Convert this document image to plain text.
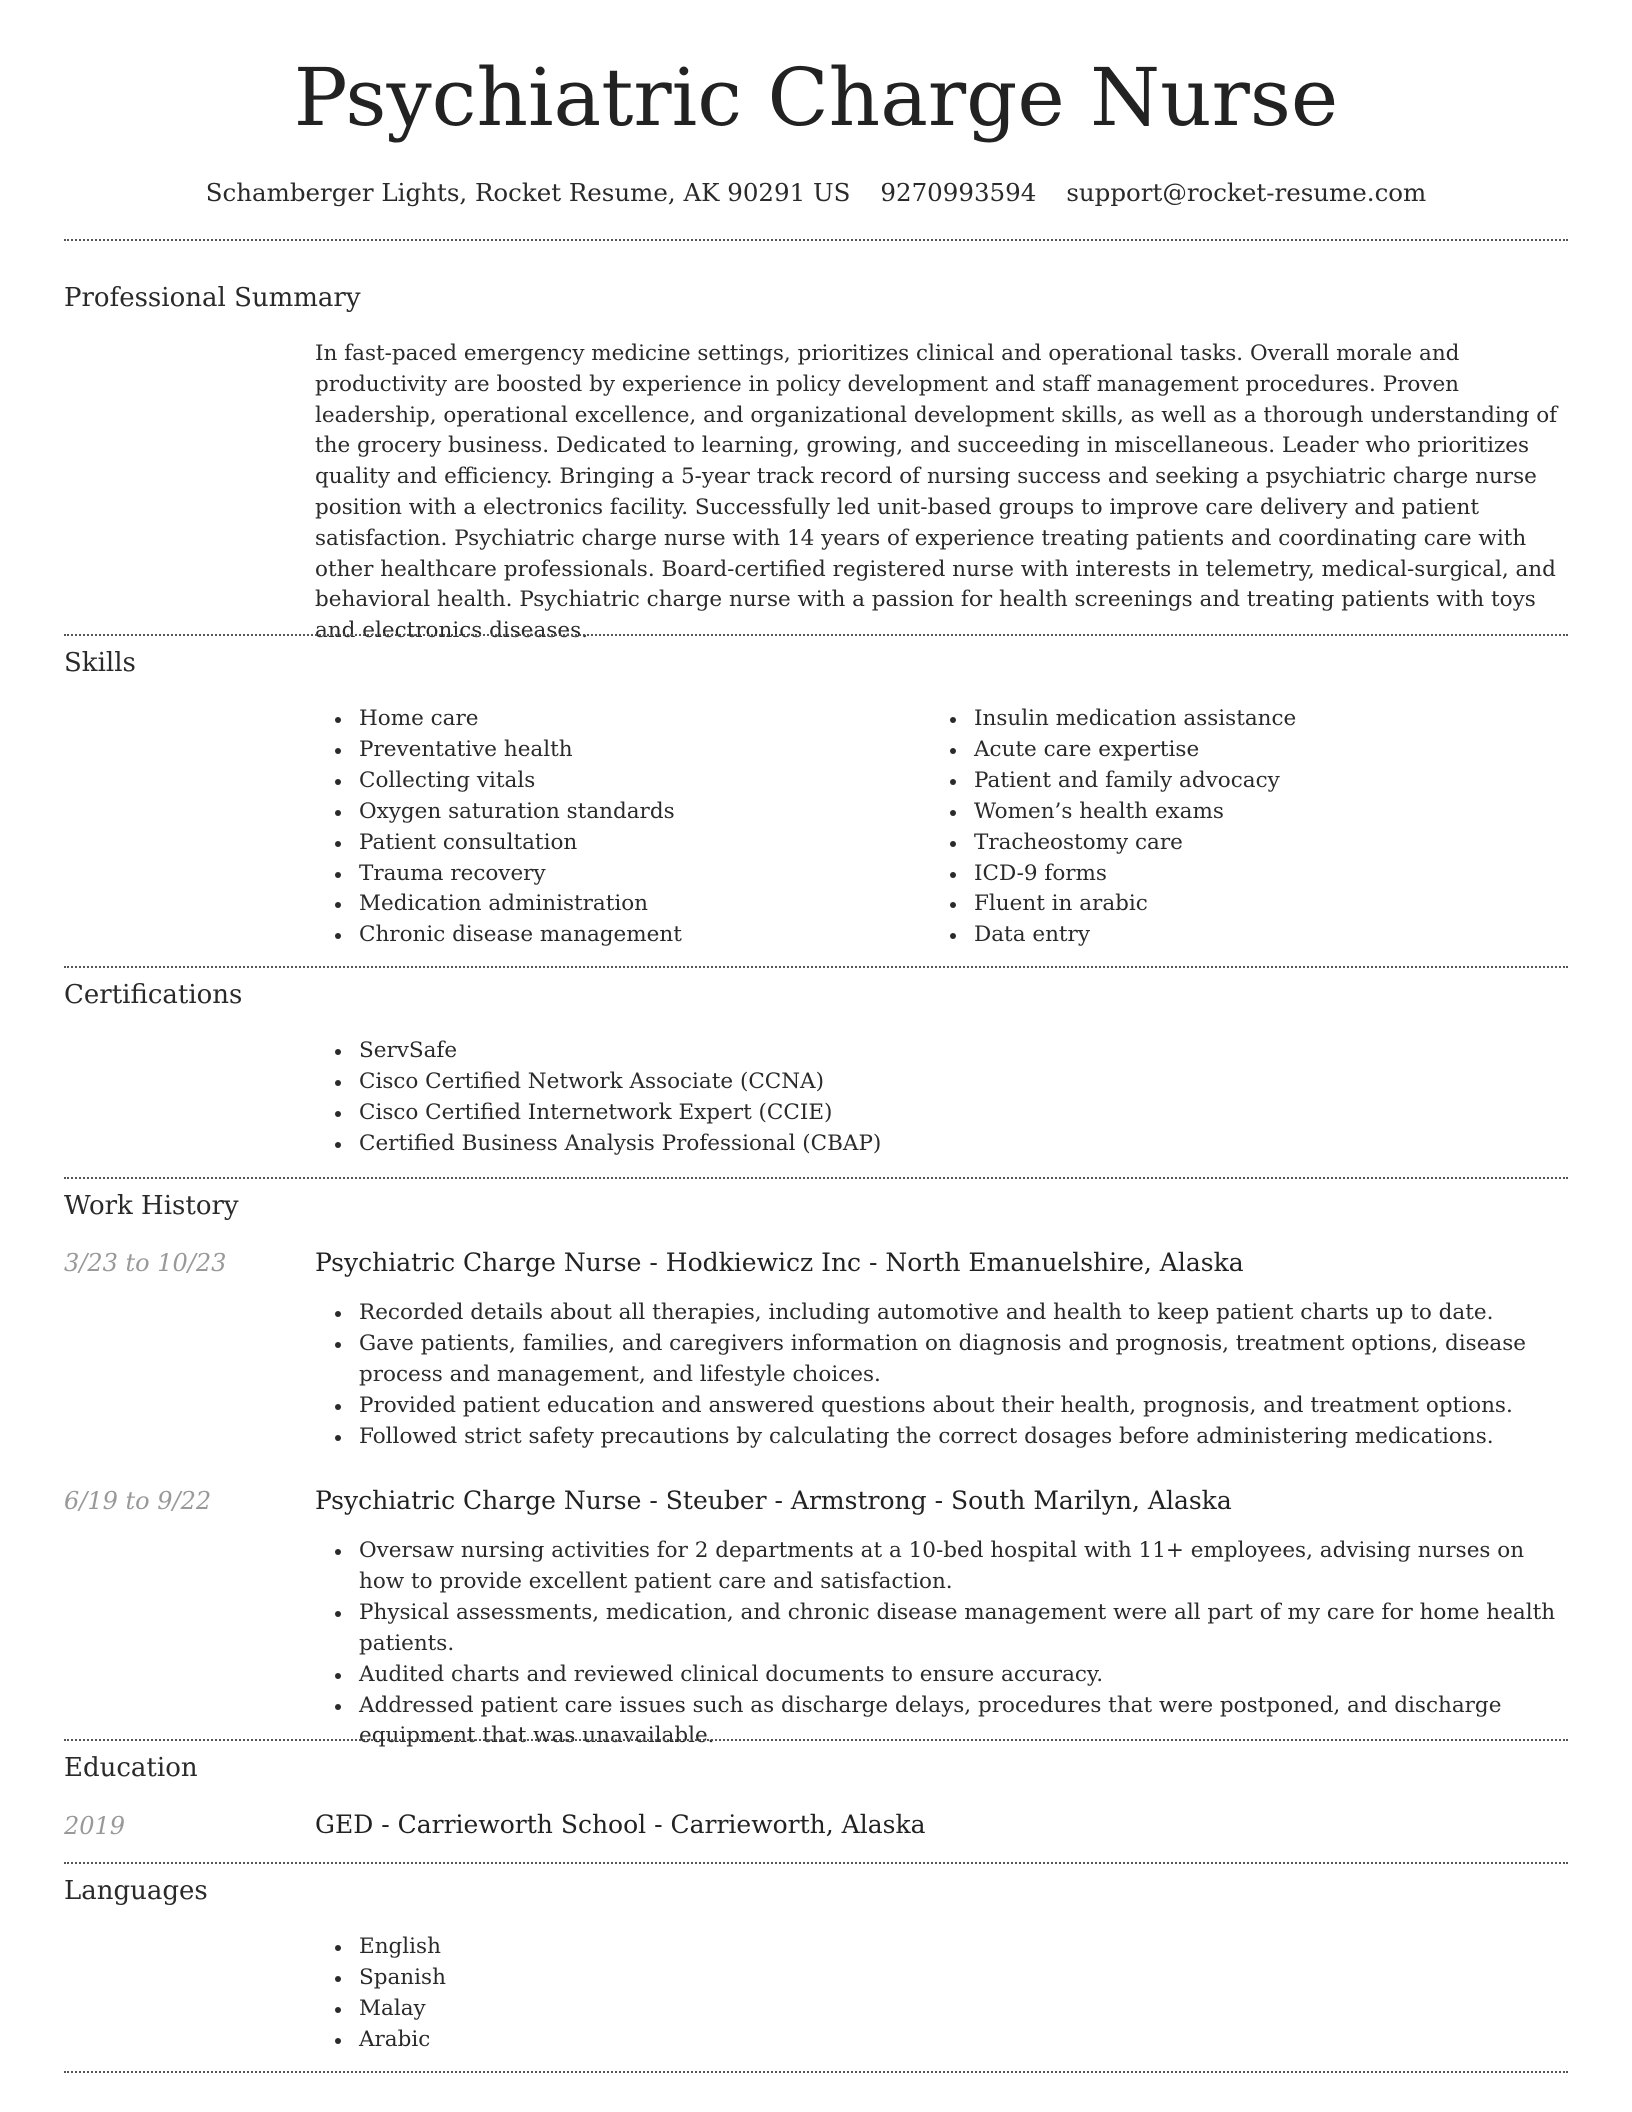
Psychiatric Charge Nurse
Schamberger Lights, Rocket Resume, AK 90291 US 9270993594 support@rocket-resume.com
Professional Summary
In fast-paced emergency medicine settings, prioritizes clinical and operational tasks. Overall morale and productivity are boosted by experience in policy development and staff management procedures. Proven leadership, operational excellence, and organizational development skills, as well as a thorough understanding of the grocery business. Dedicated to learning, growing, and succeeding in miscellaneous. Leader who prioritizes quality and efficiency. Bringing a 5-year track record of nursing success and seeking a psychiatric charge nurse position with a electronics facility. Successfully led unit-based groups to improve care delivery and patient satisfaction. Psychiatric charge nurse with 14 years of experience treating patients and coordinating care with other healthcare professionals. Board-certified registered nurse with interests in telemetry, medical-surgical, and behavioral health. Psychiatric charge nurse with a passion for health screenings and treating patients with toys and electronics diseases.
Skills
Home care
Preventative health
Collecting vitals
Oxygen saturation standards
Patient consultation
Trauma recovery
Medication administration
Chronic disease management
Insulin medication assistance
Acute care expertise
Patient and family advocacy
Women’s health exams
Tracheostomy care
ICD-9 forms
Fluent in arabic
Data entry
Certifications
ServSafe
Cisco Certified Network Associate (CCNA)
Cisco Certified Internetwork Expert (CCIE)
Certified Business Analysis Professional (CBAP)
Work History
3/23 to 10/23	Psychiatric Charge Nurse - Hodkiewicz Inc - North Emanuelshire, Alaska
Recorded details about all therapies, including automotive and health to keep patient charts up to date.
Gave patients, families, and caregivers information on diagnosis and prognosis, treatment options, disease process and management, and lifestyle choices.
Provided patient education and answered questions about their health, prognosis, and treatment options.
Followed strict safety precautions by calculating the correct dosages before administering medications.
6/19 to 9/22	Psychiatric Charge Nurse - Steuber - Armstrong - South Marilyn, Alaska
Oversaw nursing activities for 2 departments at a 10-bed hospital with 11+ employees, advising nurses on how to provide excellent patient care and satisfaction.
Physical assessments, medication, and chronic disease management were all part of my care for home health patients.
Audited charts and reviewed clinical documents to ensure accuracy.
Addressed patient care issues such as discharge delays, procedures that were postponed, and discharge equipment that was unavailable.
Education
2019	GED - Carrieworth School - Carrieworth, Alaska
Languages
English
Spanish
Malay
Arabic
